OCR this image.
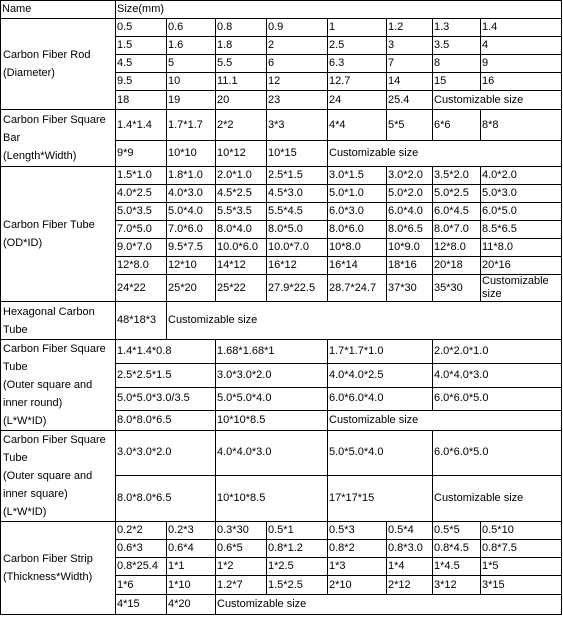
Name	Size(mm)							

Carbon Fiber Rod
(Diameter)	0.5	0.6	0.8	0.9	1	1.2	1.3	1.4
	1.5	1.6	1.8	2	2.5	3	3.5	4
	4.5	5	5.5	6	6.3	7	8	9
	9.5	10	11.1	12	12.7	14	15	16
	18	19	20	23	24	25.4	Customizable size	

Carbon Fiber Square Bar
(Length*Width)	1.4*1.4	1.7*1.7	2*2	3*3	4*4	5*5	6*6	8*8
	9*9	10*10	10*12	10*15	Customizable size			

Carbon Fiber Tube
(OD*ID)	1.5*1.0	1.8*1.0	2.0*1.0	2.5*1.5	3.0*1.5	3.0*2.0	3.5*2.0	4.0*2.0
	4.0*2.5	4.0*3.0	4.5*2.5	4.5*3.0	5.0*1.0	5.0*2.0	5.0*2.5	5.0*3.0
	5.0*3.5	5.0*4.0	5.5*3.5	5.5*4.5	6.0*3.0	6.0*4.0	6.0*4.5	6.0*5.0
	7.0*5.0	7.0*6.0	8.0*4.0	8.0*5.0	8.0*6.0	8.0*6.5	8.0*7.0	8.5*6.5
	9.0*7.0	9.5*7.5	10.0*6.0	10.0*7.0	10*8.0	10*9.0	12*8.0	11*8.0
	12*8.0	12*10	14*12	16*12	16*14	18*16	20*18	20*16
	24*22	25*20	25*22	27.9*22.5	28.7*24.7	37*30	35*30	Customizable size

Hexagonal Carbon
Tube	48*18*3	Customizable size						

Carbon Fiber Square
Tube
(Outer square and
inner round)
(L*W*ID)	1.4*1.4*0.8		1.68*1.68*1		1.7*1.7*1.0		2.0*2.0*1.0	
	2.5*2.5*1.5		3.0*3.0*2.0		4.0*4.0*2.5		4.0*4.0*3.0	
	5.0*5.0*3.0/3.5		5.0*5.0*4.0		6.0*6.0*4.0		6.0*6.0*5.0	
	8.0*8.0*6.5		10*10*8.5		Customizable size			

Carbon Fiber Square
Tube
(Outer square and
inner square)
(L*W*ID)	3.0*3.0*2.0		4.0*4.0*3.0		5.0*5.0*4.0		6.0*6.0*5.0	
	8.0*8.0*6.5		10*10*8.5		17*17*15		Customizable size	

Carbon Fiber Strip
(Thickness*Width)	0.2*2	0.2*3	0.3*30	0.5*1	0.5*3	0.5*4	0.5*5	0.5*10
	0.6*3	0.6*4	0.6*5	0.8*1.2	0.8*2	0.8*3.0	0.8*4.5	0.8*7.5
	0.8*25.4	1*1	1*2	1*2.5	1*3	1*4	1*4.5	1*5
	1*6	1*10	1.2*7	1.5*2.5	2*10	2*12	3*12	3*15
	4*15	4*20	Customizable size					
